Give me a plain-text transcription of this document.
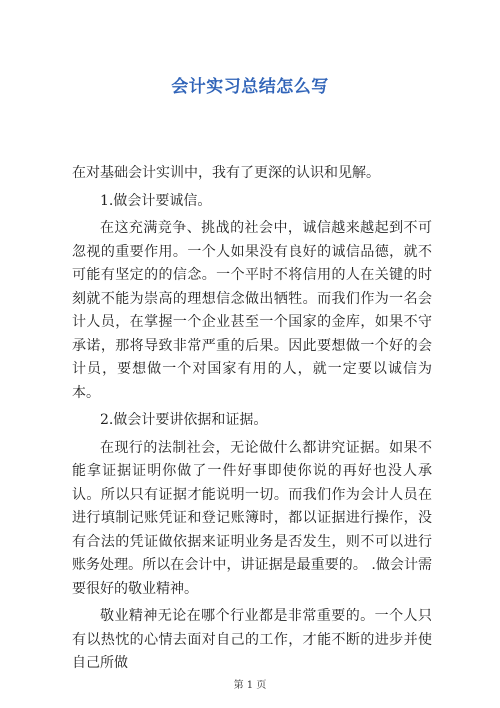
会计实习总结怎么写

在对基础会计实训中，我有了更深的认识和见解。

1.做会计要诚信。

在这充满竞争、挑战的社会中，诚信越来越起到不可忽视的重要作用。一个人如果没有良好的诚信品德，就不可能有坚定的的信念。一个平时不将信用的人在关键的时刻就不能为崇高的理想信念做出牺牲。而我们作为一名会计人员，在掌握一个企业甚至一个国家的金库，如果不守承诺，那将导致非常严重的后果。因此要想做一个好的会计员，要想做一个对国家有用的人，就一定要以诚信为本。

2.做会计要讲依据和证据。

在现行的法制社会，无论做什么都讲究证据。如果不能拿证据证明你做了一件好事即使你说的再好也没人承认。所以只有证据才能说明一切。而我们作为会计人员在进行填制记账凭证和登记账簿时，都以证据进行操作，没有合法的凭证做依据来证明业务是否发生，则不可以进行账务处理。所以在会计中，讲证据是最重要的。 .做会计需要很好的敬业精神。

敬业精神无论在哪个行业都是非常重要的。一个人只有以热忱的心情去面对自己的工作，才能不断的进步并使自己所做

第 1 页
